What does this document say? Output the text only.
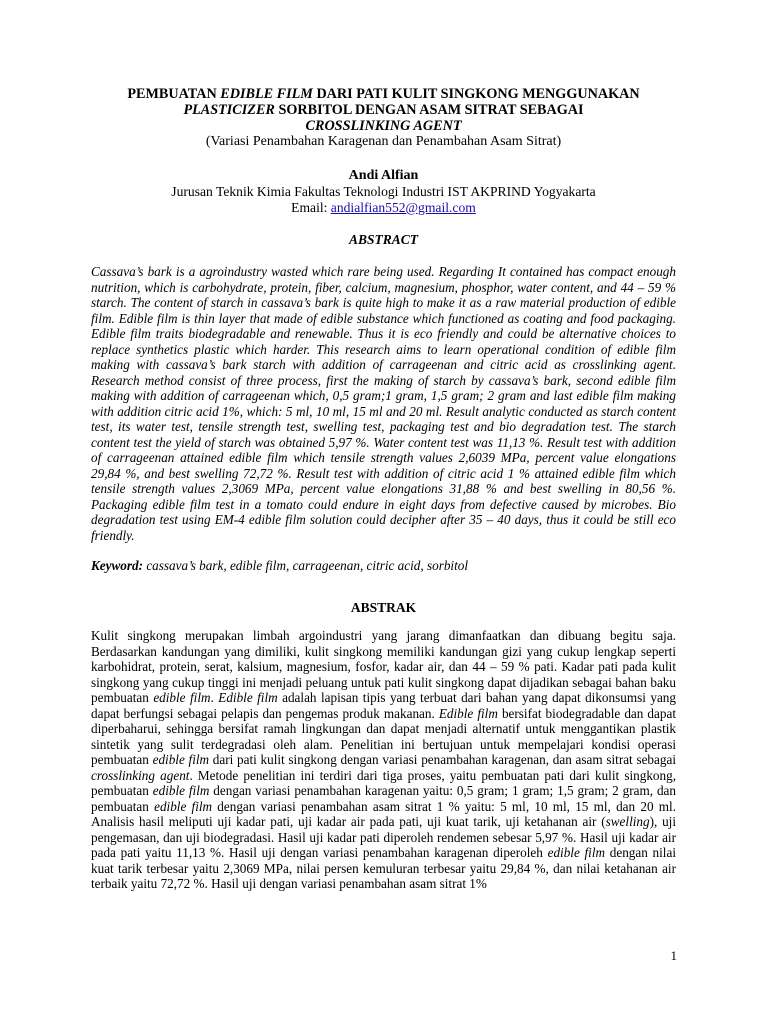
PEMBUATAN EDIBLE FILM DARI PATI KULIT SINGKONG MENGGUNAKAN
PLASTICIZER SORBITOL DENGAN ASAM SITRAT SEBAGAI
CROSSLINKING AGENT
(Variasi Penambahan Karagenan dan Penambahan Asam Sitrat)
Andi Alfian
Jurusan Teknik Kimia Fakultas Teknologi Industri IST AKPRIND Yogyakarta
Email: andialfian552@gmail.com
ABSTRACT
Cassava’s bark is a agroindustry wasted which rare being used. Regarding It contained has compact enough nutrition, which is carbohydrate, protein, fiber, calcium, magnesium, phosphor, water content, and 44 – 59 % starch. The content of starch in cassava’s bark is quite high to make it as a raw material production of edible film. Edible film is thin layer that made of edible substance which functioned as coating and food packaging. Edible film traits biodegradable and renewable. Thus it is eco friendly and could be alternative choices to replace synthetics plastic which harder. This research aims to learn operational condition of edible film making with cassava’s bark starch with addition of carrageenan and citric acid as crosslinking agent. Research method consist of three process, first the making of starch by cassava’s bark, second edible film making with addition of carrageenan which, 0,5 gram;1 gram, 1,5 gram; 2 gram and last edible film making with addition citric acid 1%, which: 5 ml, 10 ml, 15 ml and 20 ml. Result analytic conducted as starch content test, its water test, tensile strength test, swelling test, packaging test and bio degradation test. The starch content test the yield of starch was obtained 5,97 %. Water content test was 11,13 %. Result test with addition of carrageenan attained edible film which tensile strength values 2,6039 MPa, percent value elongations 29,84 %, and best swelling 72,72 %. Result test with addition of citric acid 1 % attained edible film which tensile strength values 2,3069 MPa, percent value elongations 31,88 % and best swelling in 80,56 %. Packaging edible film test in a tomato could endure in eight days from defective caused by microbes. Bio degradation test using EM-4 edible film solution could decipher after 35 – 40 days, thus it could be still eco friendly.
Keyword: cassava’s bark, edible film, carrageenan, citric acid, sorbitol
ABSTRAK
Kulit singkong merupakan limbah argoindustri yang jarang dimanfaatkan dan dibuang begitu saja. Berdasarkan kandungan yang dimiliki, kulit singkong memiliki kandungan gizi yang cukup lengkap seperti karbohidrat, protein, serat, kalsium, magnesium, fosfor, kadar air, dan 44 – 59 % pati. Kadar pati pada kulit singkong yang cukup tinggi ini menjadi peluang untuk pati kulit singkong dapat dijadikan sebagai bahan baku pembuatan edible film. Edible film adalah lapisan tipis yang terbuat dari bahan yang dapat dikonsumsi yang dapat berfungsi sebagai pelapis dan pengemas produk makanan. Edible film bersifat biodegradable dan dapat diperbaharui, sehingga bersifat ramah lingkungan dan dapat menjadi alternatif untuk menggantikan plastik sintetik yang sulit terdegradasi oleh alam. Penelitian ini bertujuan untuk mempelajari kondisi operasi pembuatan edible film dari pati kulit singkong dengan variasi penambahan karagenan, dan asam sitrat sebagai crosslinking agent. Metode penelitian ini terdiri dari tiga proses, yaitu pembuatan pati dari kulit singkong, pembuatan edible film dengan variasi penambahan karagenan yaitu: 0,5 gram; 1 gram; 1,5 gram; 2 gram, dan pembuatan edible film dengan variasi penambahan asam sitrat 1 % yaitu: 5 ml, 10 ml, 15 ml, dan 20 ml. Analisis hasil meliputi uji kadar pati, uji kadar air pada pati, uji kuat tarik, uji ketahanan air (swelling), uji pengemasan, dan uji biodegradasi. Hasil uji kadar pati diperoleh rendemen sebesar 5,97 %. Hasil uji kadar air pada pati yaitu 11,13 %. Hasil uji dengan variasi penambahan karagenan diperoleh edible film dengan nilai kuat tarik terbesar yaitu 2,3069 MPa, nilai persen kemuluran terbesar yaitu 29,84 %, dan nilai ketahanan air terbaik yaitu 72,72 %. Hasil uji dengan variasi penambahan asam sitrat 1%
1
